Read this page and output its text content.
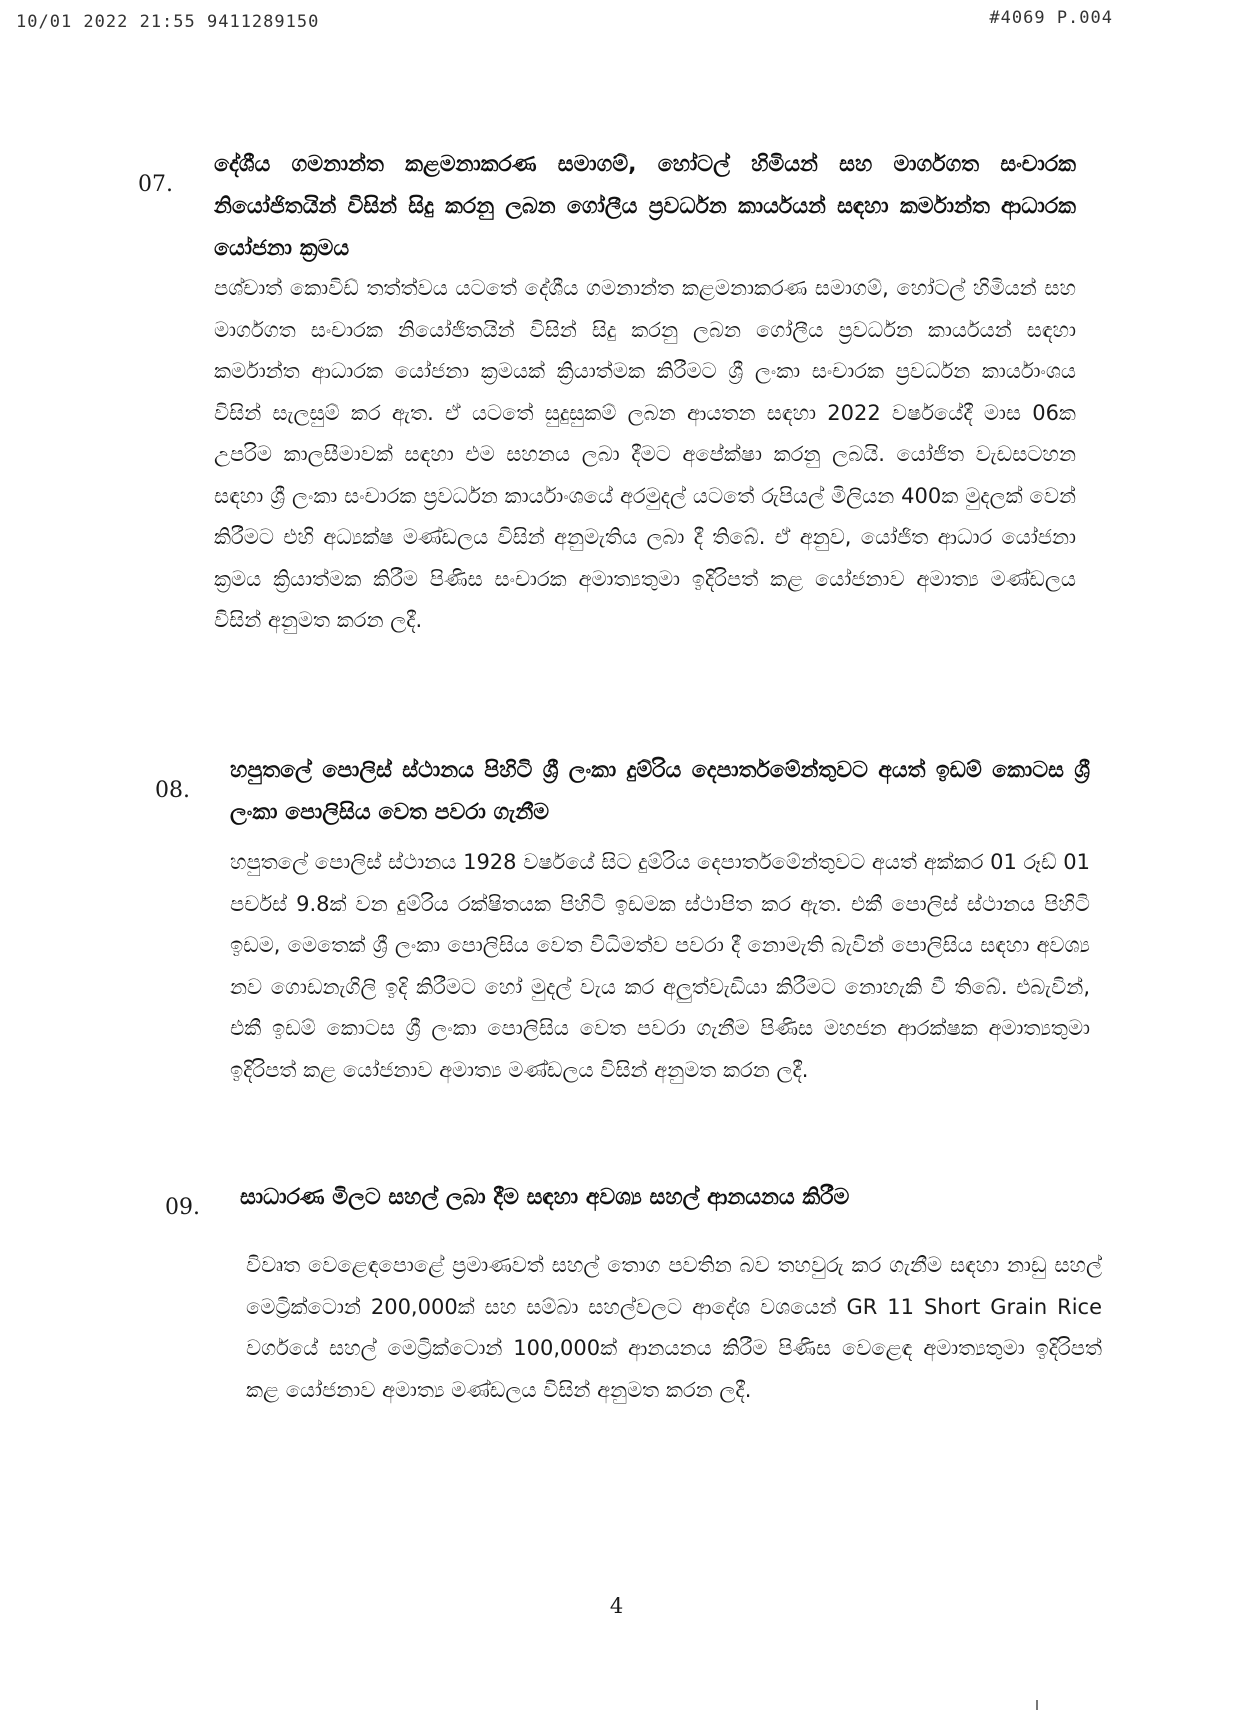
10/01 2022 21:55 9411289150	#4069 P.004
07.
දේශීය ගමනාන්ත කළමනාකරණ සමාගම්, හෝටල් හිමියන් සහ මාර්ගගත සංචාරක නියෝජිතයින් විසින් සිදු කරනු ලබන ගෝලීය ප්‍රවර්ධන කාර්යයන් සඳහා කර්මාන්ත ආධාරක යෝජනා ක්‍රමය
පශ්චාත් කොවිඩ් තත්ත්වය යටතේ දේශීය ගමනාන්ත කළමනාකරණ සමාගම්, හෝටල් හිමියන් සහ මාර්ගගත සංචාරක නියෝජිතයින් විසින් සිදු කරනු ලබන ගෝලීය ප්‍රවර්ධන කාර්යයන් සඳහා කර්මාන්ත ආධාරක යෝජනා ක්‍රමයක් ක්‍රියාත්මක කිරීමට ශ්‍රී ලංකා සංචාරක ප්‍රවර්ධන කාර්යාංශය විසින් සැලසුම් කර ඇත. ඒ යටතේ සුදුසුකම් ලබන ආයතන සඳහා 2022 වර්ෂයේදී මාස 06ක උපරිම කාලසීමාවක් සඳහා එම සහනය ලබා දීමට අපේක්ෂා කරනු ලබයි. යෝජිත වැඩසටහන සඳහා ශ්‍රී ලංකා සංචාරක ප්‍රවර්ධන කාර්යාංශයේ අරමුදල් යටතේ රුපියල් මිලියන 400ක මුදලක් වෙන් කිරීමට එහි අධ්‍යක්ෂ මණ්ඩලය විසින් අනුමැතිය ලබා දී තිබේ. ඒ අනුව, යෝජිත ආධාර යෝජනා ක්‍රමය ක්‍රියාත්මක කිරීම පිණිස සංචාරක අමාත්‍යතුමා ඉදිරිපත් කළ යෝජනාව අමාත්‍ය මණ්ඩලය විසින් අනුමත කරන ලදී.
08.
හපුතලේ පොලිස් ස්ථානය පිහිටි ශ්‍රී ලංකා දුම්රිය දෙපාර්තමේන්තුවට අයත් ඉඩම් කොටස ශ්‍රී ලංකා පොලිසිය වෙත පවරා ගැනීම
හපුතලේ පොලිස් ස්ථානය 1928 වර්ෂයේ සිට දුම්රිය දෙපාර්තමේන්තුවට අයත් අක්කර 01 රූඩ් 01 පර්චස් 9.8ක් වන දුම්රිය රක්ෂිතයක පිහිටි ඉඩමක ස්ථාපිත කර ඇත. එකී පොලිස් ස්ථානය පිහිටි ඉඩම, මෙතෙක් ශ්‍රී ලංකා පොලිසිය වෙත විධිමත්ව පවරා දී නොමැති බැවින් පොලිසිය සඳහා අවශ්‍ය නව ගොඩනැගිලි ඉදි කිරීමට හෝ මුදල් වැය කර අලුත්වැඩියා කිරීමට නොහැකි වී තිබේ. එබැවින්, එකී ඉඩම් කොටස ශ්‍රී ලංකා පොලිසිය වෙත පවරා ගැනීම පිණිස මහජන ආරක්ෂක අමාත්‍යතුමා ඉදිරිපත් කළ යෝජනාව අමාත්‍ය මණ්ඩලය විසින් අනුමත කරන ලදී.
09. සාධාරණ මිලට සහල් ලබා දීම සඳහා අවශ්‍ය සහල් ආනයනය කිරීම
විවෘත වෙළෙඳපොළේ ප්‍රමාණවත් සහල් තොග පවතින බව තහවුරු කර ගැනීම සඳහා නාඩු සහල් මෙට්‍රික්ටොන් 200,000ක් සහ සම්බා සහල්වලට ආදේශ වශයෙන් GR 11 Short Grain Rice වර්ගයේ සහල් මෙට්‍රික්ටොන් 100,000ක් ආනයනය කිරීම පිණිස වෙළෙඳ අමාත්‍යතුමා ඉදිරිපත් කළ යෝජනාව අමාත්‍ය මණ්ඩලය විසින් අනුමත කරන ලදී.
4
